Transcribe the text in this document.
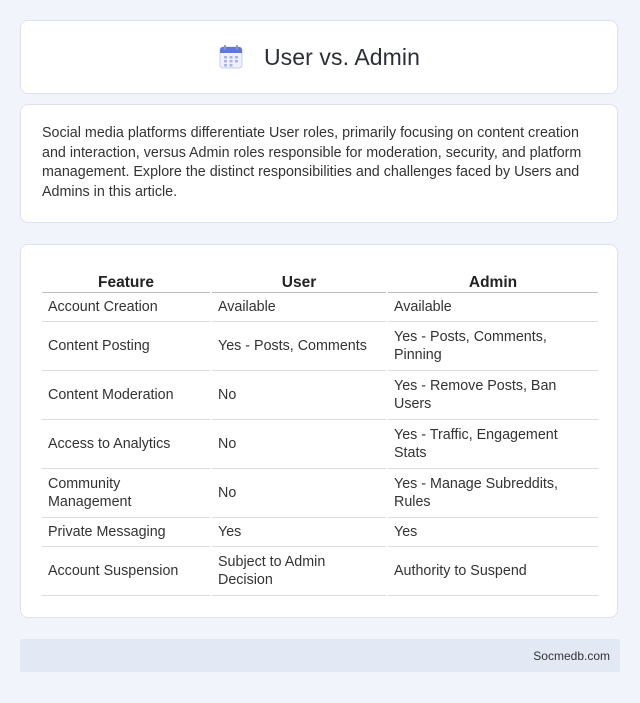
User vs. Admin

Social media platforms differentiate User roles, primarily focusing on content creation and interaction, versus Admin roles responsible for moderation, security, and platform management. Explore the distinct responsibilities and challenges faced by Users and Admins in this article.

Feature	User	Admin
Account Creation	Available	Available
Content Posting	Yes - Posts, Comments	Yes - Posts, Comments, Pinning
Content Moderation	No	Yes - Remove Posts, Ban Users
Access to Analytics	No	Yes - Traffic, Engagement Stats
Community Management	No	Yes - Manage Subreddits, Rules
Private Messaging	Yes	Yes
Account Suspension	Subject to Admin Decision	Authority to Suspend
Socmedb.com
